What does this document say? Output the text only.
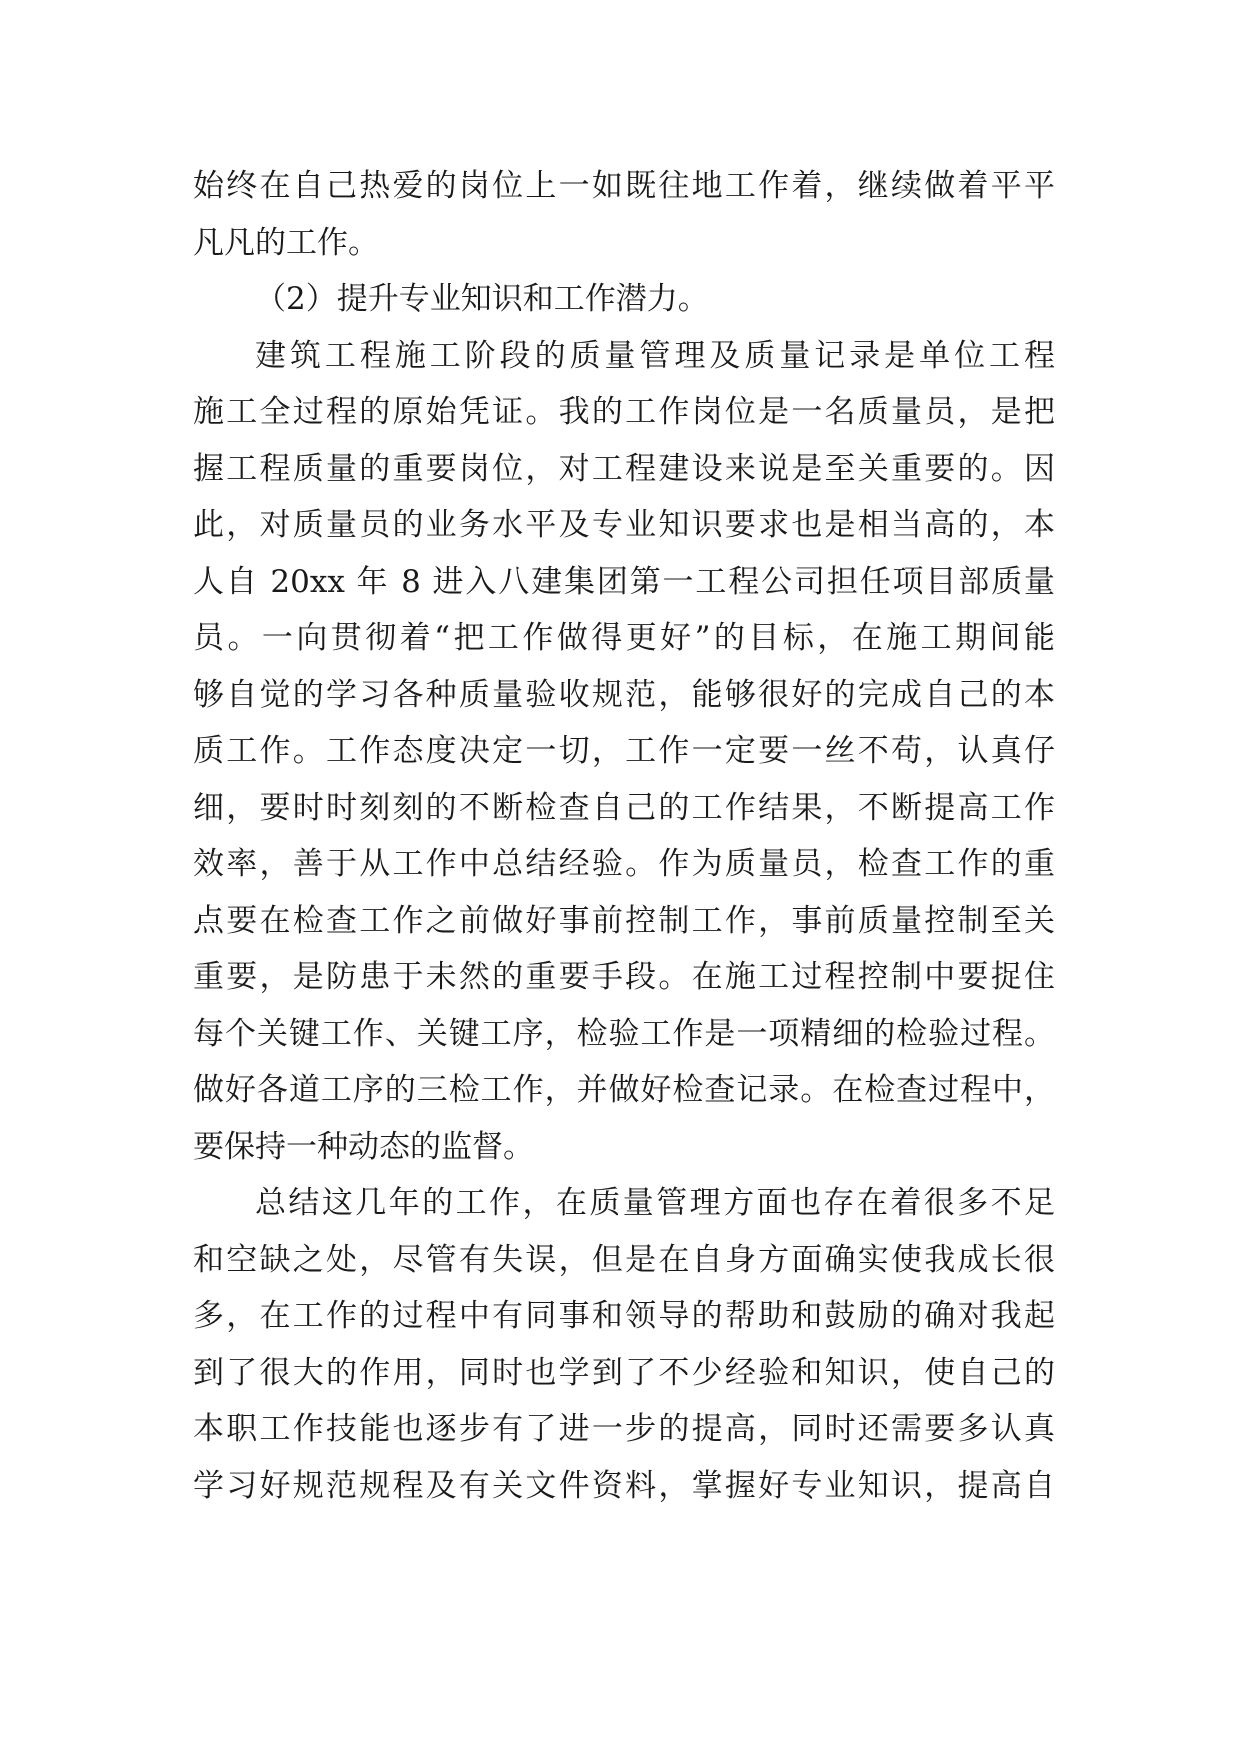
始终在自己热爱的岗位上一如既往地工作着，继续做着平平
凡凡的工作。
（2）提升专业知识和工作潜力。
建筑工程施工阶段的质量管理及质量记录是单位工程
施工全过程的原始凭证。我的工作岗位是一名质量员，是把
握工程质量的重要岗位，对工程建设来说是至关重要的。因
此，对质量员的业务水平及专业知识要求也是相当高的，本
人自 20xx 年 8 进入八建集团第一工程公司担任项目部质量
员。一向贯彻着“把工作做得更好”的目标，在施工期间能
够自觉的学习各种质量验收规范，能够很好的完成自己的本
质工作。工作态度决定一切，工作一定要一丝不苟，认真仔
细，要时时刻刻的不断检查自己的工作结果，不断提高工作
效率，善于从工作中总结经验。作为质量员，检查工作的重
点要在检查工作之前做好事前控制工作，事前质量控制至关
重要，是防患于未然的重要手段。在施工过程控制中要捉住
每个关键工作、关键工序，检验工作是一项精细的检验过程。
做好各道工序的三检工作，并做好检查记录。在检查过程中，
要保持一种动态的监督。
总结这几年的工作，在质量管理方面也存在着很多不足
和空缺之处，尽管有失误，但是在自身方面确实使我成长很
多，在工作的过程中有同事和领导的帮助和鼓励的确对我起
到了很大的作用，同时也学到了不少经验和知识，使自己的
本职工作技能也逐步有了进一步的提高，同时还需要多认真
学习好规范规程及有关文件资料，掌握好专业知识，提高自
